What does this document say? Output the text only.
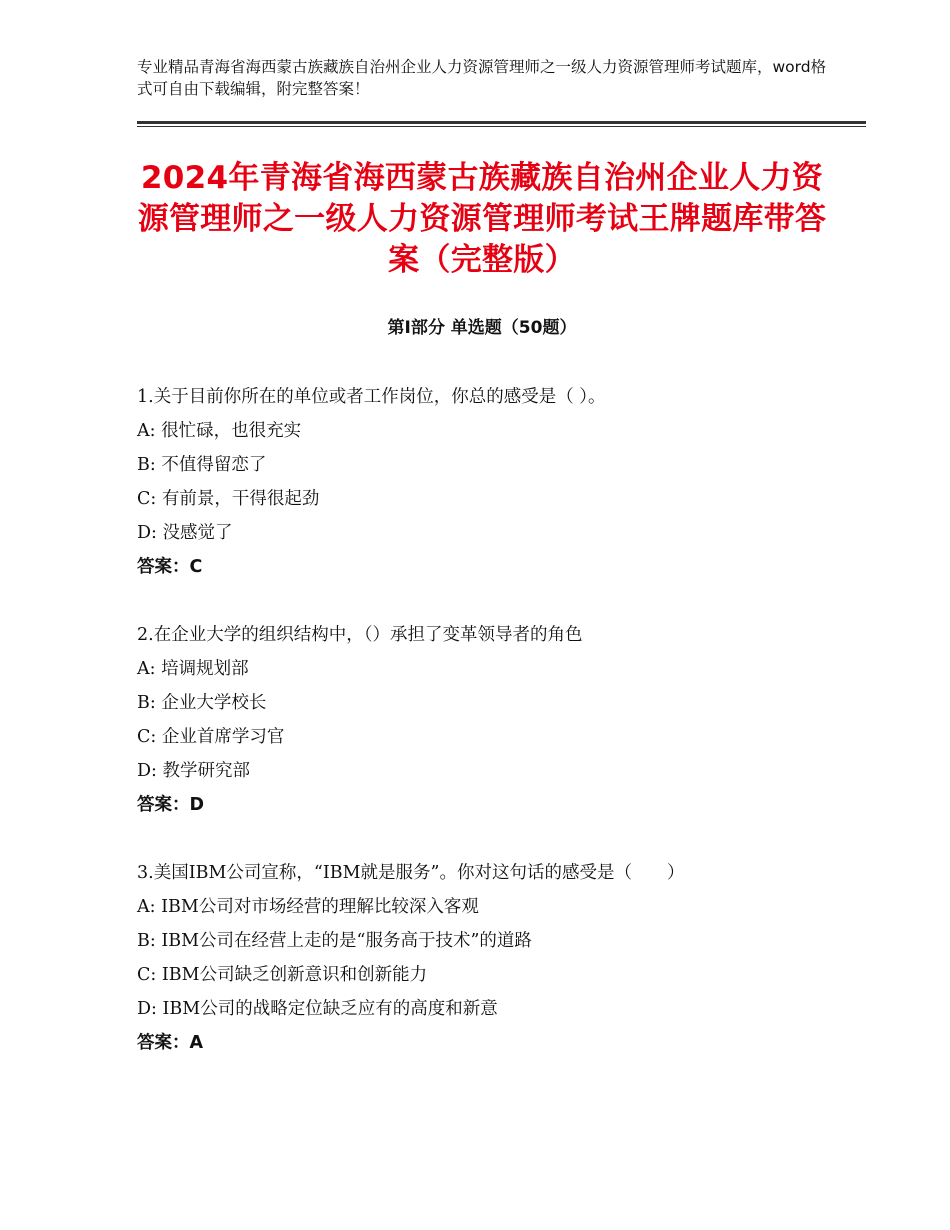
专业精品青海省海西蒙古族藏族自治州企业人力资源管理师之一级人力资源管理师考试题库，word格式可自由下载编辑，附完整答案！
2024年青海省海西蒙古族藏族自治州企业人力资源管理师之一级人力资源管理师考试王牌题库带答案（完整版）
第Ⅰ部分 单选题（50题）

1.关于目前你所在的单位或者工作岗位，你总的感受是（ ）。

A: 很忙碌，也很充实

B: 不值得留恋了

C: 有前景，干得很起劲

D: 没感觉了

答案：C

2.在企业大学的组织结构中，（）承担了变革领导者的角色

A: 培调规划部

B: 企业大学校长

C: 企业首席学习官

D: 教学研究部

答案：D

3.美国IBM公司宣称，“IBM就是服务”。你对这句话的感受是（　　）

A: IBM公司对市场经营的理解比较深入客观

B: IBM公司在经营上走的是“服务高于技术”的道路

C: IBM公司缺乏创新意识和创新能力

D: IBM公司的战略定位缺乏应有的高度和新意

答案：A
